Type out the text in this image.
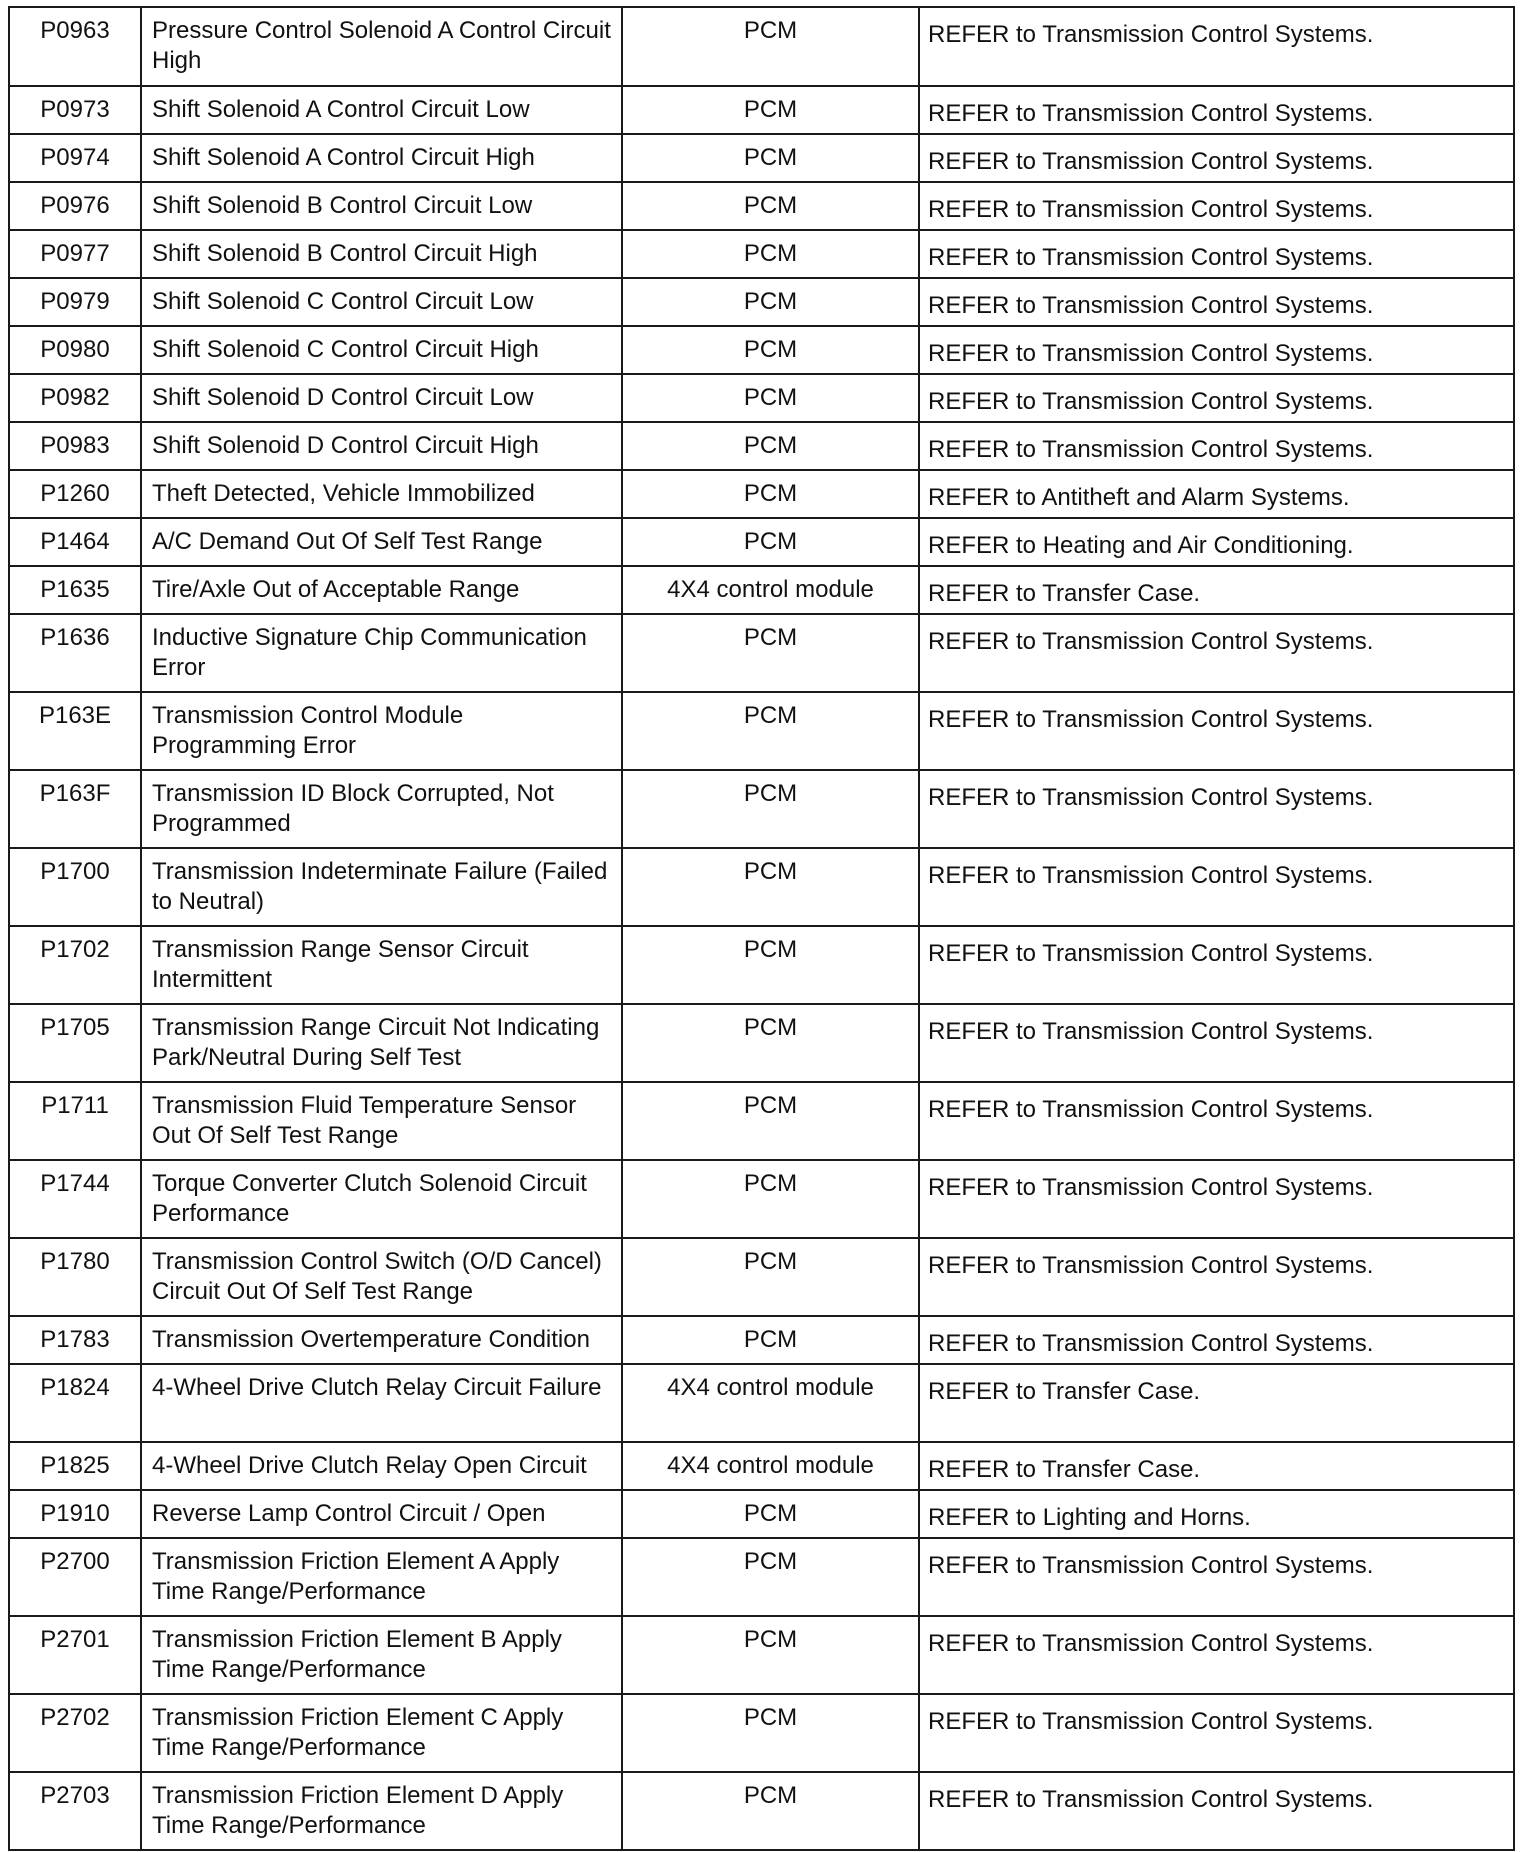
P0963	Pressure Control Solenoid A Control Circuit High	PCM	REFER to Transmission Control Systems.
P0973	Shift Solenoid A Control Circuit Low	PCM	REFER to Transmission Control Systems.
P0974	Shift Solenoid A Control Circuit High	PCM	REFER to Transmission Control Systems.
P0976	Shift Solenoid B Control Circuit Low	PCM	REFER to Transmission Control Systems.
P0977	Shift Solenoid B Control Circuit High	PCM	REFER to Transmission Control Systems.
P0979	Shift Solenoid C Control Circuit Low	PCM	REFER to Transmission Control Systems.
P0980	Shift Solenoid C Control Circuit High	PCM	REFER to Transmission Control Systems.
P0982	Shift Solenoid D Control Circuit Low	PCM	REFER to Transmission Control Systems.
P0983	Shift Solenoid D Control Circuit High	PCM	REFER to Transmission Control Systems.
P1260	Theft Detected, Vehicle Immobilized	PCM	REFER to Antitheft and Alarm Systems.
P1464	A/C Demand Out Of Self Test Range	PCM	REFER to Heating and Air Conditioning.
P1635	Tire/Axle Out of Acceptable Range	4X4 control module	REFER to Transfer Case.
P1636	Inductive Signature Chip Communication Error	PCM	REFER to Transmission Control Systems.
P163E	Transmission Control Module Programming Error	PCM	REFER to Transmission Control Systems.
P163F	Transmission ID Block Corrupted, Not Programmed	PCM	REFER to Transmission Control Systems.
P1700	Transmission Indeterminate Failure (Failed to Neutral)	PCM	REFER to Transmission Control Systems.
P1702	Transmission Range Sensor Circuit Intermittent	PCM	REFER to Transmission Control Systems.
P1705	Transmission Range Circuit Not Indicating Park/Neutral During Self Test	PCM	REFER to Transmission Control Systems.
P1711	Transmission Fluid Temperature Sensor Out Of Self Test Range	PCM	REFER to Transmission Control Systems.
P1744	Torque Converter Clutch Solenoid Circuit Performance	PCM	REFER to Transmission Control Systems.
P1780	Transmission Control Switch (O/D Cancel) Circuit Out Of Self Test Range	PCM	REFER to Transmission Control Systems.
P1783	Transmission Overtemperature Condition	PCM	REFER to Transmission Control Systems.
P1824	4-Wheel Drive Clutch Relay Circuit Failure	4X4 control module	REFER to Transfer Case.
P1825	4-Wheel Drive Clutch Relay Open Circuit	4X4 control module	REFER to Transfer Case.
P1910	Reverse Lamp Control Circuit / Open	PCM	REFER to Lighting and Horns.
P2700	Transmission Friction Element A Apply Time Range/Performance	PCM	REFER to Transmission Control Systems.
P2701	Transmission Friction Element B Apply Time Range/Performance	PCM	REFER to Transmission Control Systems.
P2702	Transmission Friction Element C Apply Time Range/Performance	PCM	REFER to Transmission Control Systems.
P2703	Transmission Friction Element D Apply Time Range/Performance	PCM	REFER to Transmission Control Systems.
